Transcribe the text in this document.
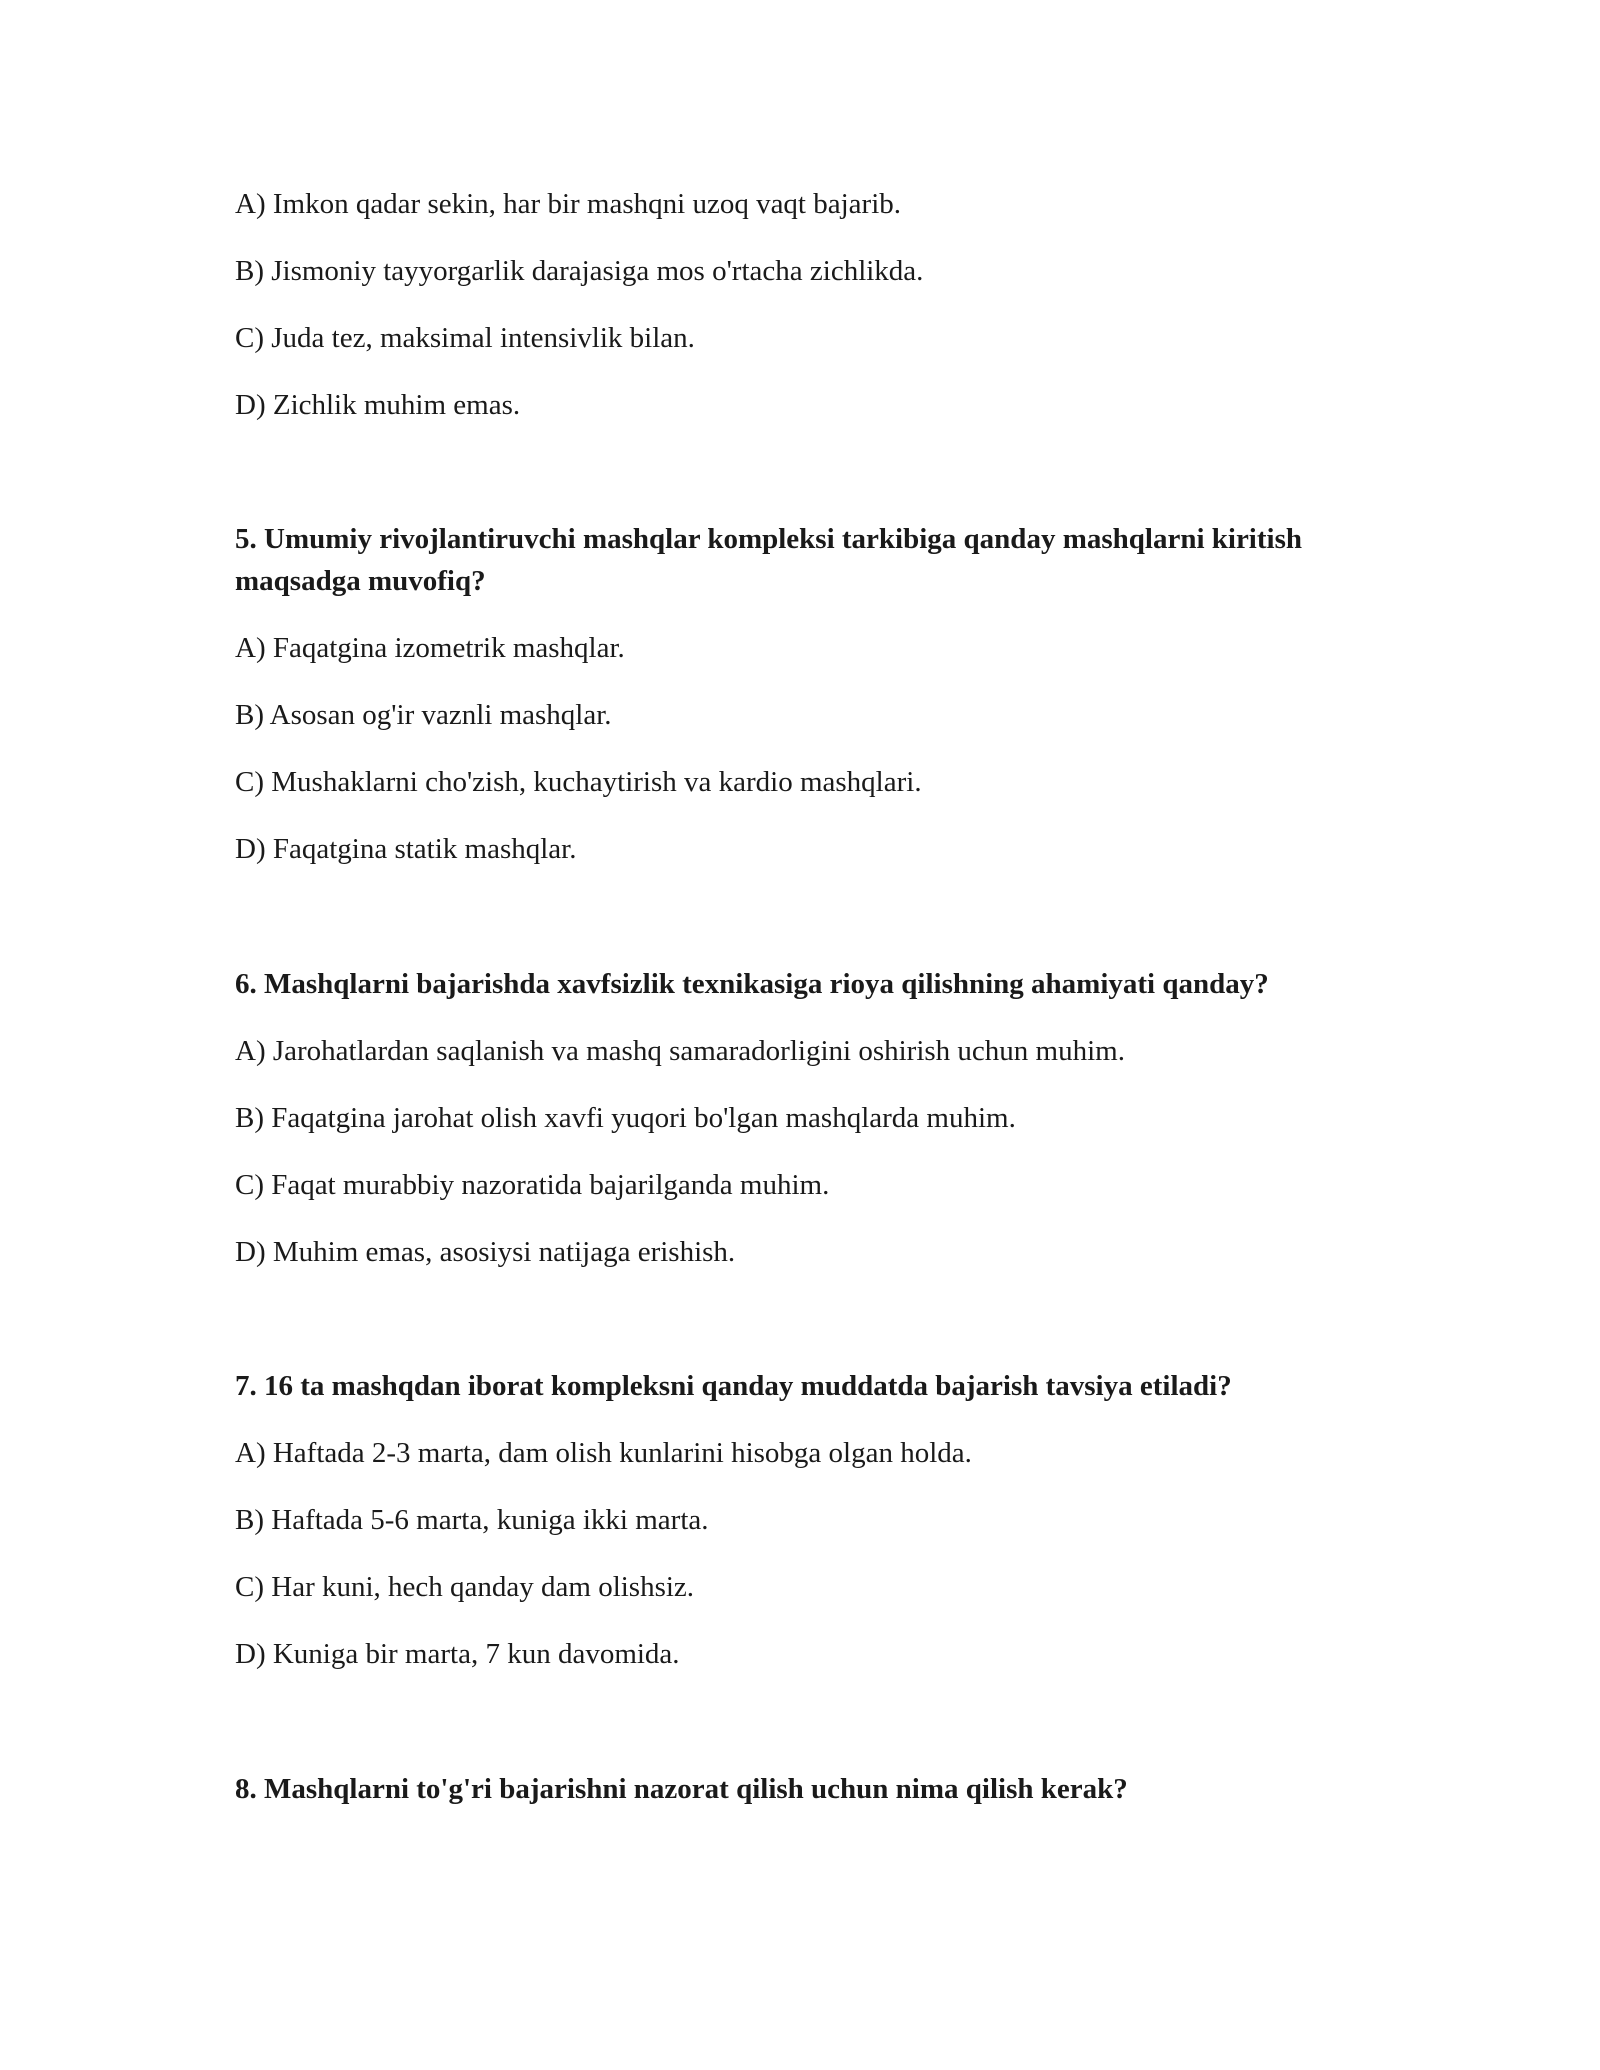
A) Imkon qadar sekin, har bir mashqni uzoq vaqt bajarib.
B) Jismoniy tayyorgarlik darajasiga mos o'rtacha zichlikda.
C) Juda tez, maksimal intensivlik bilan.
D) Zichlik muhim emas.
5. Umumiy rivojlantiruvchi mashqlar kompleksi tarkibiga qanday mashqlarni kiritish maqsadga muvofiq?
A) Faqatgina izometrik mashqlar.
B) Asosan og'ir vaznli mashqlar.
C) Mushaklarni cho'zish, kuchaytirish va kardio mashqlari.
D) Faqatgina statik mashqlar.
6. Mashqlarni bajarishda xavfsizlik texnikasiga rioya qilishning ahamiyati qanday?
A) Jarohatlardan saqlanish va mashq samaradorligini oshirish uchun muhim.
B) Faqatgina jarohat olish xavfi yuqori bo'lgan mashqlarda muhim.
C) Faqat murabbiy nazoratida bajarilganda muhim.
D) Muhim emas, asosiysi natijaga erishish.
7. 16 ta mashqdan iborat kompleksni qanday muddatda bajarish tavsiya etiladi?
A) Haftada 2-3 marta, dam olish kunlarini hisobga olgan holda.
B) Haftada 5-6 marta, kuniga ikki marta.
C) Har kuni, hech qanday dam olishsiz.
D) Kuniga bir marta, 7 kun davomida.
8. Mashqlarni to'g'ri bajarishni nazorat qilish uchun nima qilish kerak?
